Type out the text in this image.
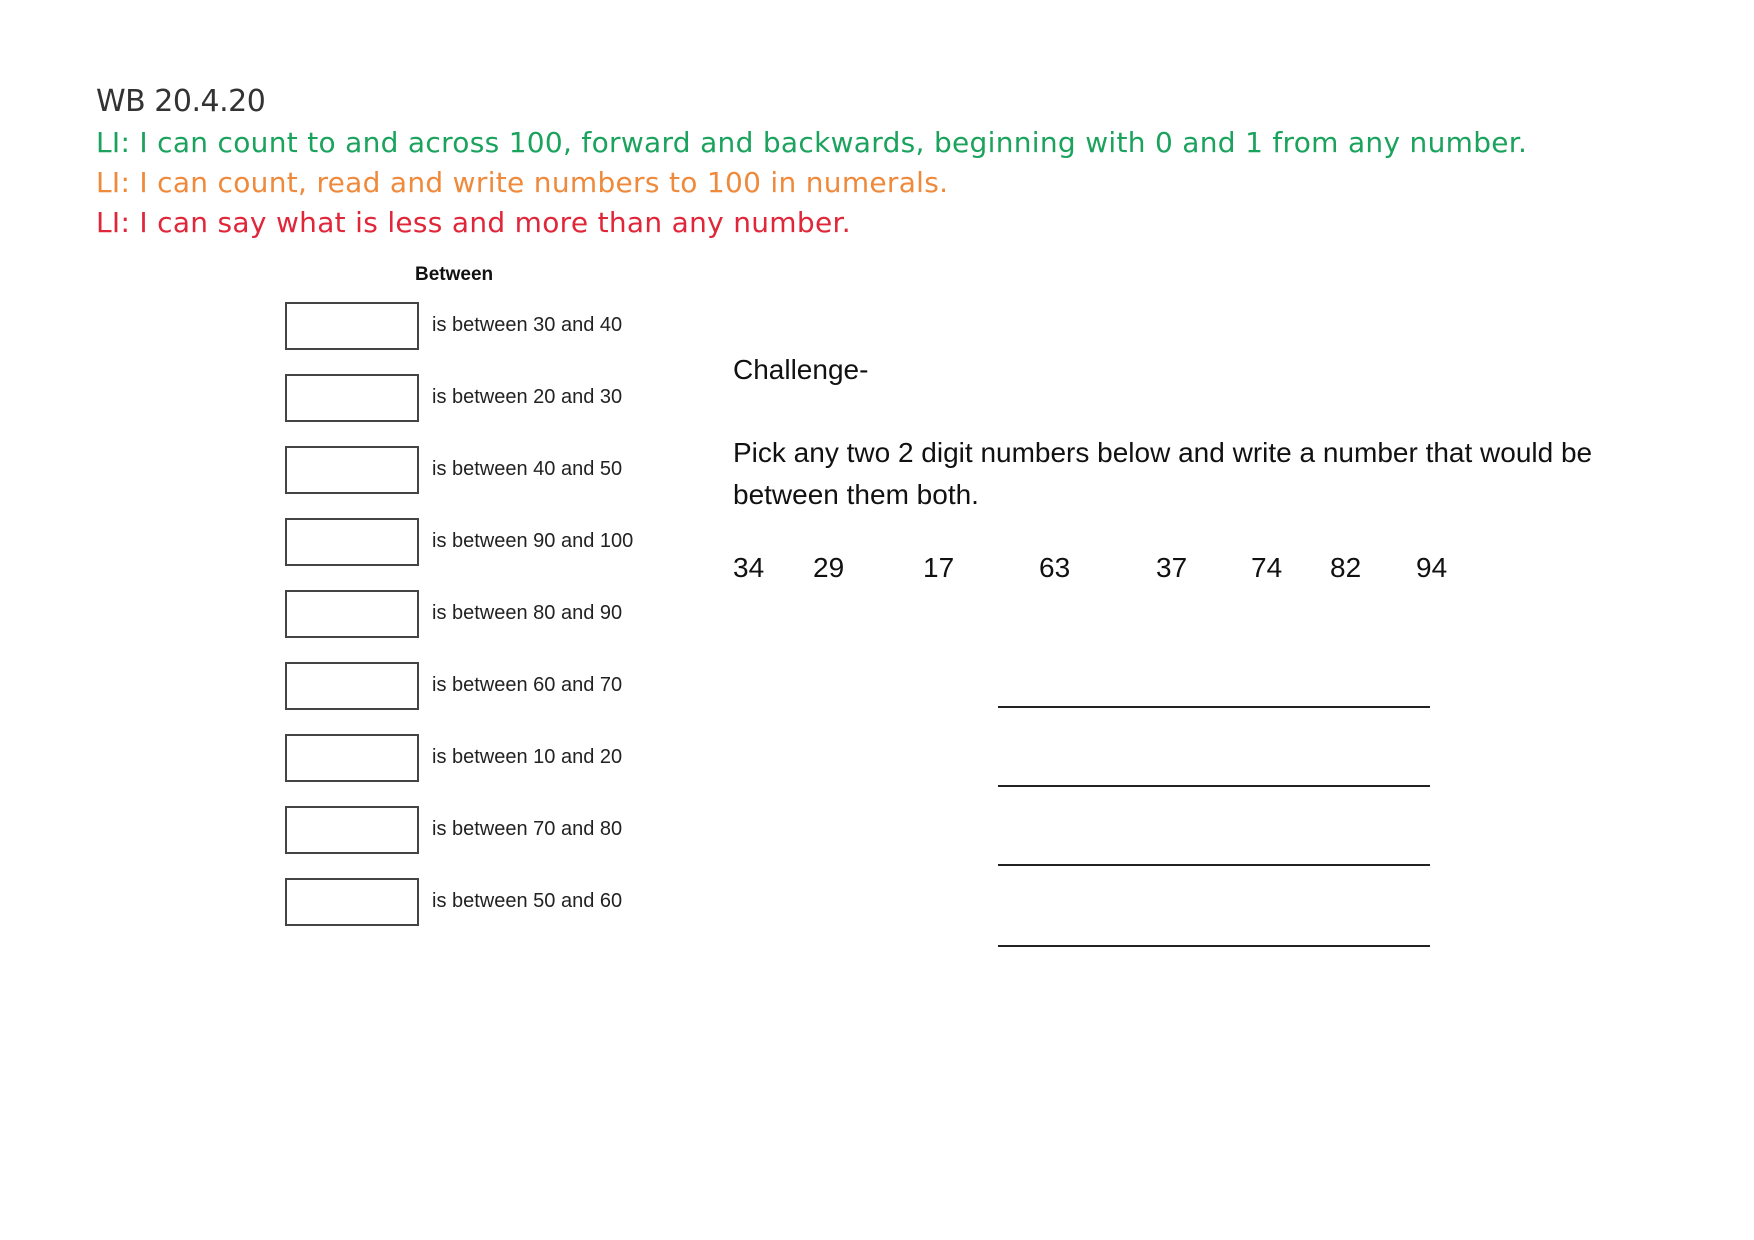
WB 20.4.20
LI: I can count to and across 100, forward and backwards, beginning with 0 and 1 from any number.
LI: I can count, read and write numbers to 100 in numerals.
LI: I can say what is less and more than any number.
Between
is between 30 and 40
is between 20 and 30
is between 40 and 50
is between 90 and 100
is between 80 and 90
is between 60 and 70
is between 10 and 20
is between 70 and 80
is between 50 and 60
Challenge-
Pick any two 2 digit numbers below and write a number that would be between them both.
34 29	17	63	37 74 82 94
